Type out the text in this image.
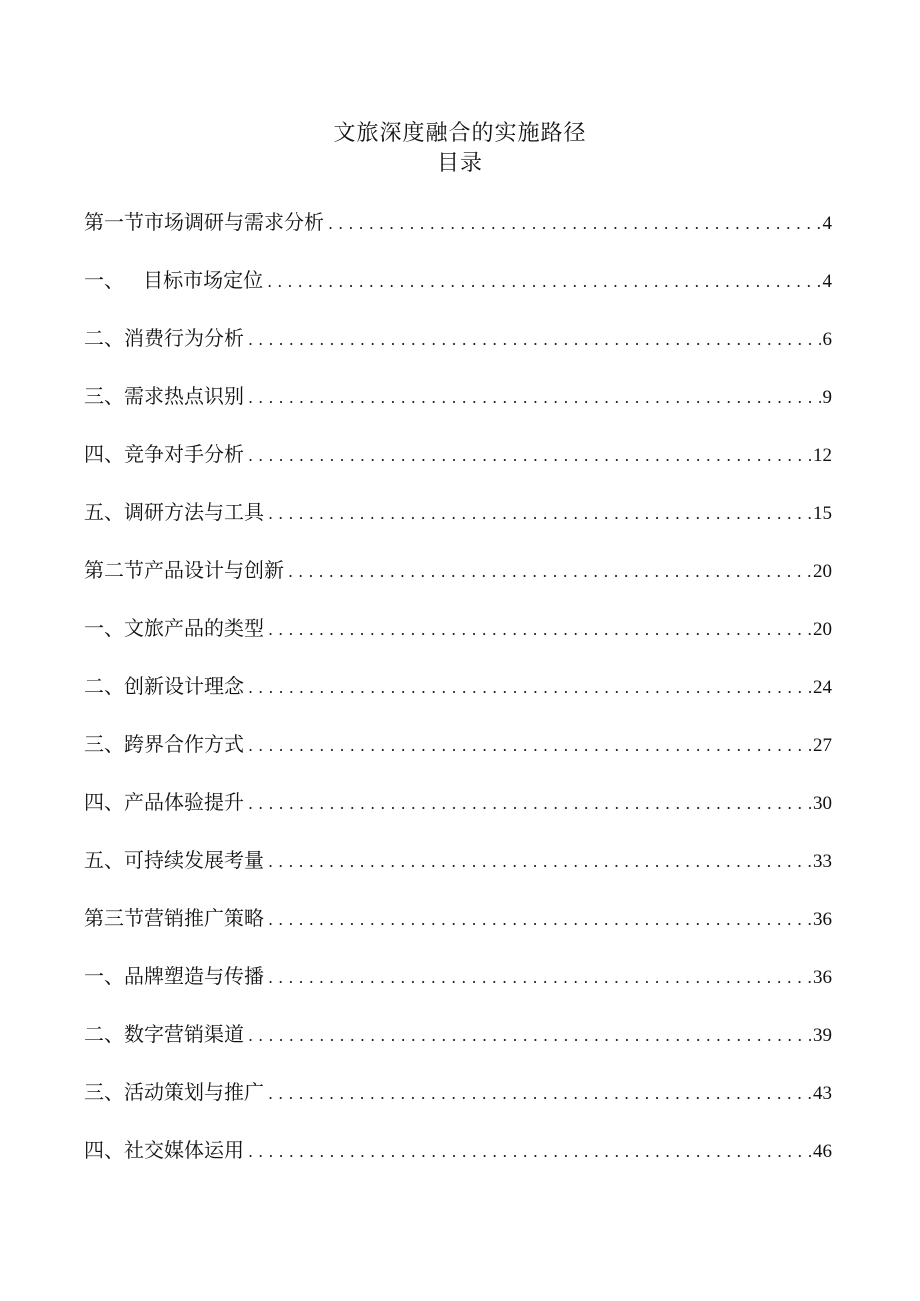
文旅深度融合的实施路径
目录
第一节市场调研与需求分析 . . .	4
一、   目标市场定位 . . .	4
二、消费行为分析 . . .	6
三、需求热点识别 . . .	9
四、竞争对手分析 . . .	12
五、调研方法与工具 . . .	15
第二节产品设计与创新 . . .	20
一、文旅产品的类型 . . .	20
二、创新设计理念 . . .	24
三、跨界合作方式 . . .	27
四、产品体验提升 . . .	30
五、可持续发展考量 . . .	33
第三节营销推广策略 . . .	36
一、品牌塑造与传播 . . .	36
二、数字营销渠道 . . .	39
三、活动策划与推广 . . .	43
四、社交媒体运用 . . .	46
